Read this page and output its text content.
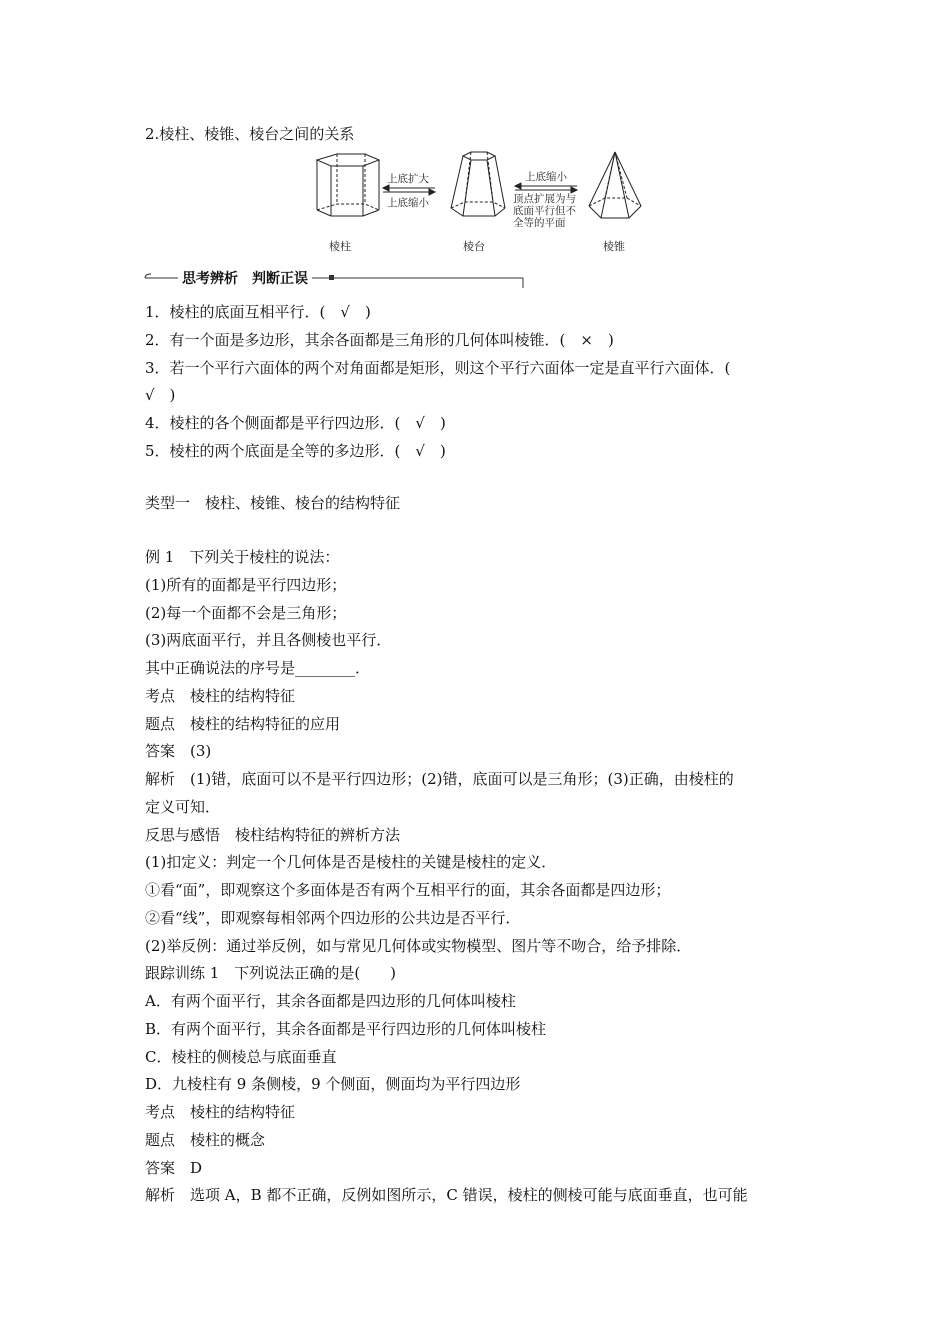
2.棱柱、棱锥、棱台之间的关系
上底扩大
上底缩小
上底缩小
顶点扩展为与
底面平行但不
全等的平面
棱柱	棱台	棱锥
思考辨析　判断正误
1．棱柱的底面互相平行．(　√　)
2．有一个面是多边形，其余各面都是三角形的几何体叫棱锥．(　×　)
3．若一个平行六面体的两个对角面都是矩形，则这个平行六面体一定是直平行六面体．(
√　)
4．棱柱的各个侧面都是平行四边形．(　√　)
5．棱柱的两个底面是全等的多边形．(　√　)
类型一　棱柱、棱锥、棱台的结构特征
例 1　下列关于棱柱的说法：
(1)所有的面都是平行四边形；
(2)每一个面都不会是三角形；
(3)两底面平行，并且各侧棱也平行．
其中正确说法的序号是________．
考点　棱柱的结构特征
题点　棱柱的结构特征的应用
答案　(3)
解析　(1)错，底面可以不是平行四边形；(2)错，底面可以是三角形；(3)正确，由棱柱的
定义可知．
反思与感悟　棱柱结构特征的辨析方法
(1)扣定义：判定一个几何体是否是棱柱的关键是棱柱的定义．
①看“面”，即观察这个多面体是否有两个互相平行的面，其余各面都是四边形；
②看“线”，即观察每相邻两个四边形的公共边是否平行．
(2)举反例：通过举反例，如与常见几何体或实物模型、图片等不吻合，给予排除．
跟踪训练 1　下列说法正确的是(　　)
A．有两个面平行，其余各面都是四边形的几何体叫棱柱
B．有两个面平行，其余各面都是平行四边形的几何体叫棱柱
C．棱柱的侧棱总与底面垂直
D．九棱柱有 9 条侧棱，9 个侧面，侧面均为平行四边形
考点　棱柱的结构特征
题点　棱柱的概念
答案　D
解析　选项 A，B 都不正确，反例如图所示，C 错误，棱柱的侧棱可能与底面垂直，也可能
